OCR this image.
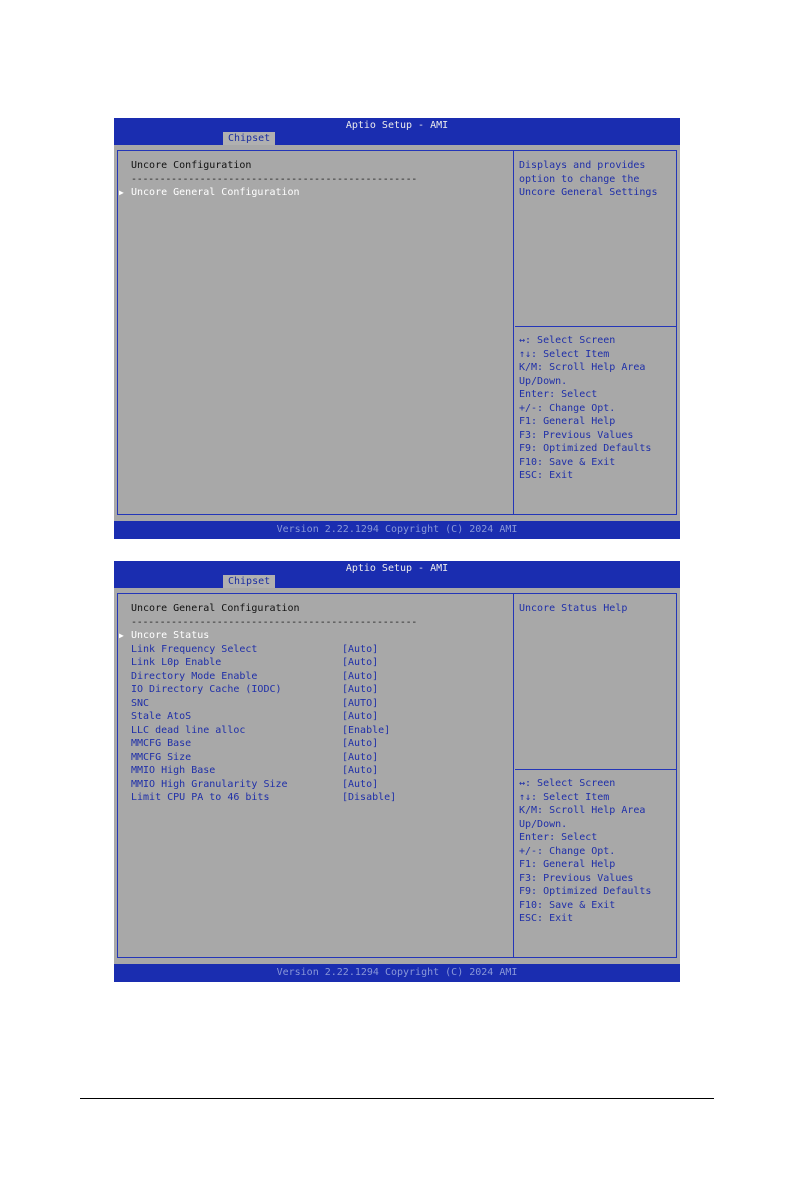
Aptio Setup - AMI
Chipset
Uncore Configuration
--------------------------------------------------
▶ Uncore General Configuration
Displays and provides
option to change the
Uncore General Settings
↔: Select Screen
↑↓: Select Item
K/M: Scroll Help Area
Up/Down.
Enter: Select
+/-: Change Opt.
F1: General Help
F3: Previous Values
F9: Optimized Defaults
F10: Save & Exit
ESC: Exit
Version 2.22.1294 Copyright (C) 2024 AMI
Aptio Setup - AMI
Chipset
Uncore General Configuration
--------------------------------------------------
▶ Uncore Status
Link Frequency Select	[Auto]
Link L0p Enable	[Auto]
Directory Mode Enable	[Auto]
IO Directory Cache (IODC)	[Auto]
SNC	[AUTO]
Stale AtoS	[Auto]
LLC dead line alloc	[Enable]
MMCFG Base	[Auto]
MMCFG Size	[Auto]
MMIO High Base	[Auto]
MMIO High Granularity Size	[Auto]
Limit CPU PA to 46 bits	[Disable]
Uncore Status Help
↔: Select Screen
↑↓: Select Item
K/M: Scroll Help Area
Up/Down.
Enter: Select
+/-: Change Opt.
F1: General Help
F3: Previous Values
F9: Optimized Defaults
F10: Save & Exit
ESC: Exit
Version 2.22.1294 Copyright (C) 2024 AMI
